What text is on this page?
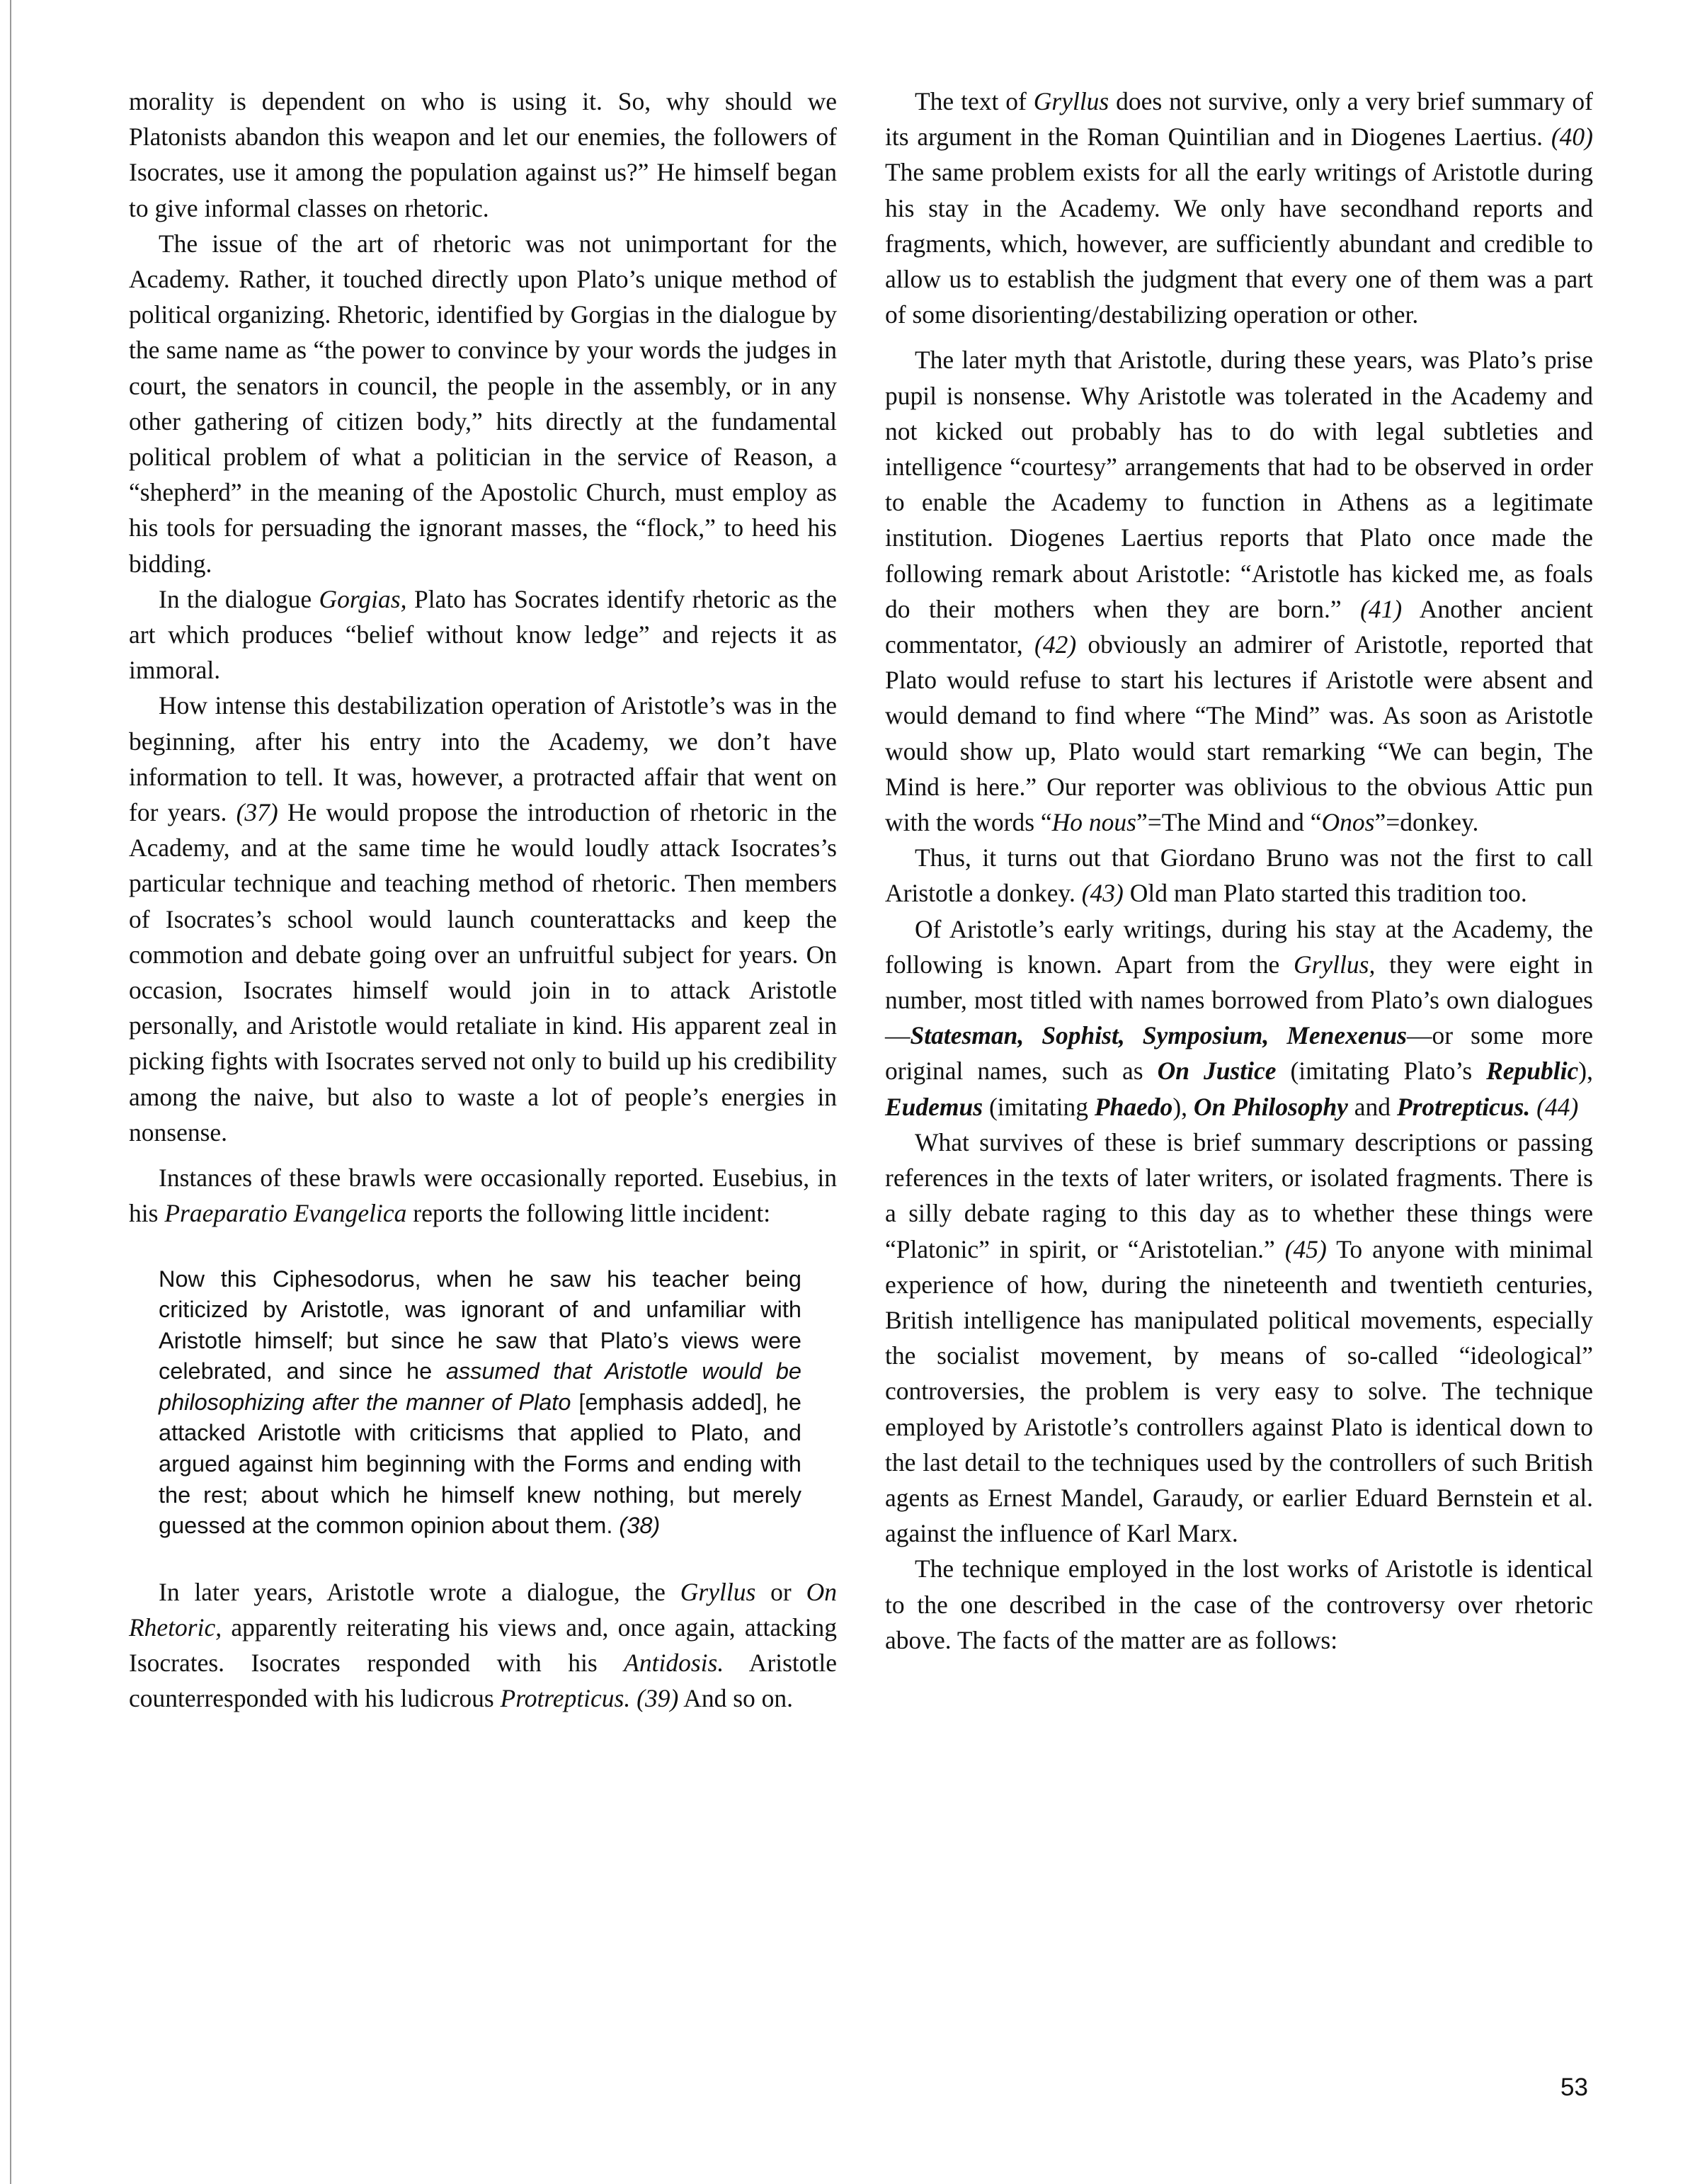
morality is dependent on who is using it. So, why should we Platonists abandon this weapon and let our enemies, the followers of Isocrates, use it among the population against us?” He himself began to give informal classes on rhetoric.

The issue of the art of rhetoric was not unimportant for the Academy. Rather, it touched directly upon Plato’s unique method of political organizing. Rhetoric, identified by Gorgias in the dialogue by the same name as “the power to convince by your words the judges in court, the senators in council, the people in the assembly, or in any other gathering of citizen body,” hits directly at the fundamental political problem of what a politician in the service of Reason, a “shepherd” in the meaning of the Apostolic Church, must employ as his tools for persuading the ignorant masses, the “flock,” to heed his bidding.

In the dialogue Gorgias, Plato has Socrates identify rhetoric as the art which produces “belief without know ledge” and rejects it as immoral.

How intense this destabilization operation of Aristotle’s was in the beginning, after his entry into the Academy, we don’t have information to tell. It was, however, a protracted affair that went on for years. (37) He would propose the introduction of rhetoric in the Academy, and at the same time he would loudly attack Isocrates’s particular technique and teaching method of rhetoric. Then members of Isocrates’s school would launch counterattacks and keep the commotion and debate going over an unfruitful subject for years. On occasion, Isocrates himself would join in to attack Aristotle personally, and Aristotle would retaliate in kind. His apparent zeal in picking fights with Isocrates served not only to build up his credibility among the naive, but also to waste a lot of people’s energies in nonsense.

Instances of these brawls were occasionally reported. Eusebius, in his Praeparatio Evangelica reports the following little incident:

Now this Ciphesodorus, when he saw his teacher being criticized by Aristotle, was ignorant of and unfamiliar with Aristotle himself; but since he saw that Plato’s views were celebrated, and since he assumed that Aristotle would be philosophizing after the manner of Plato [emphasis added], he attacked Aristotle with criticisms that applied to Plato, and argued against him beginning with the Forms and ending with the rest; about which he himself knew nothing, but merely guessed at the common opinion about them. (38)

In later years, Aristotle wrote a dialogue, the Gryllus or On Rhetoric, apparently reiterating his views and, once again, attacking Isocrates. Isocrates responded with his Antidosis. Aristotle counterresponded with his ludicrous Protrepticus. (39) And so on.

The text of Gryllus does not survive, only a very brief summary of its argument in the Roman Quintilian and in Diogenes Laertius. (40) The same problem exists for all the early writings of Aristotle during his stay in the Academy. We only have secondhand reports and fragments, which, however, are sufficiently abundant and credible to allow us to establish the judgment that every one of them was a part of some disorienting/destabilizing operation or other.

The later myth that Aristotle, during these years, was Plato’s prise pupil is nonsense. Why Aristotle was tolerated in the Academy and not kicked out probably has to do with legal subtleties and intelligence “courtesy” arrangements that had to be observed in order to enable the Academy to function in Athens as a legitimate institution. Diogenes Laertius reports that Plato once made the following remark about Aristotle: “Aristotle has kicked me, as foals do their mothers when they are born.” (41) Another ancient commentator, (42) obviously an admirer of Aristotle, reported that Plato would refuse to start his lectures if Aristotle were absent and would demand to find where “The Mind” was. As soon as Aristotle would show up, Plato would start remarking “We can begin, The Mind is here.” Our reporter was oblivious to the obvious Attic pun with the words “Ho nous”=The Mind and “Onos”=donkey.

Thus, it turns out that Giordano Bruno was not the first to call Aristotle a donkey. (43) Old man Plato started this tradition too.

Of Aristotle’s early writings, during his stay at the Academy, the following is known. Apart from the Gryllus, they were eight in number, most titled with names borrowed from Plato’s own dialogues—Statesman, Sophist, Symposium, Menexenus—or some more original names, such as On Justice (imitating Plato’s Republic), Eudemus (imitating Phaedo), On Philosophy and Protrepticus. (44)

What survives of these is brief summary descriptions or passing references in the texts of later writers, or isolated fragments. There is a silly debate raging to this day as to whether these things were “Platonic” in spirit, or “Aristotelian.” (45) To anyone with minimal experience of how, during the nineteenth and twentieth centuries, British intelligence has manipulated political movements, especially the socialist movement, by means of so-called “ideological” controversies, the problem is very easy to solve. The technique employed by Aristotle’s controllers against Plato is identical down to the last detail to the techniques used by the controllers of such British agents as Ernest Mandel, Garaudy, or earlier Eduard Bernstein et al. against the influence of Karl Marx.

The technique employed in the lost works of Aristotle is identical to the one described in the case of the controversy over rhetoric above. The facts of the matter are as follows:

53
